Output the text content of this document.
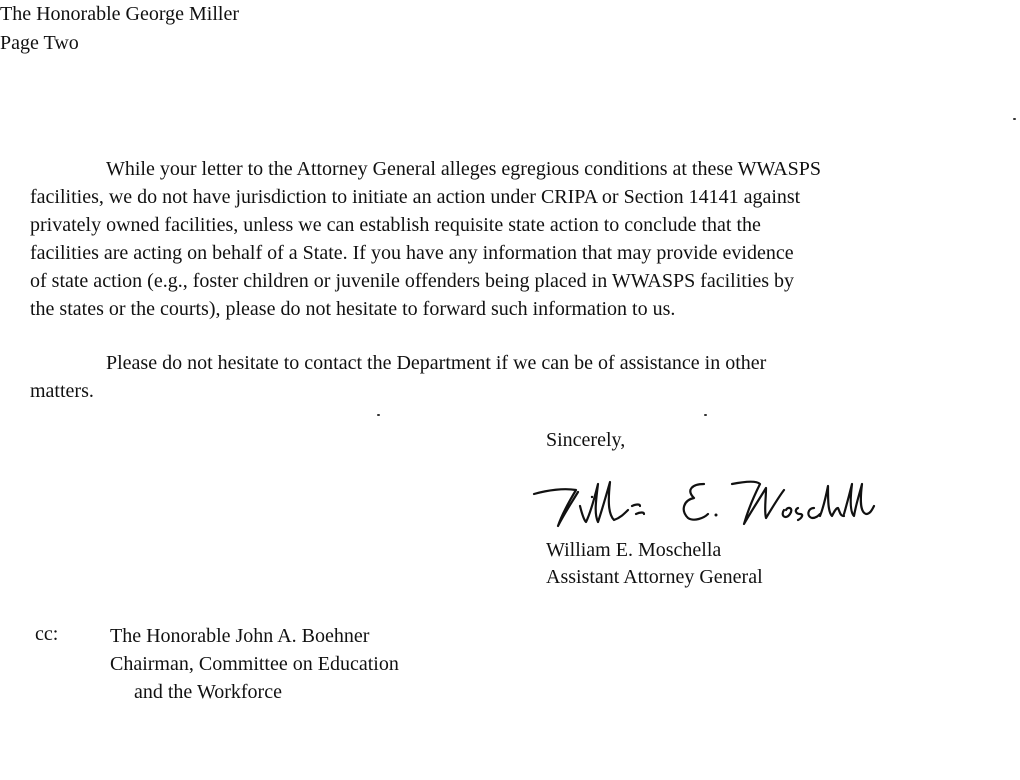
The Honorable George Miller
Page Two
While your letter to the Attorney General alleges egregious conditions at these WWASPS
facilities, we do not have jurisdiction to initiate an action under CRIPA or Section 14141 against
privately owned facilities, unless we can establish requisite state action to conclude that the
facilities are acting on behalf of a State. If you have any information that may provide evidence
of state action (e.g., foster children or juvenile offenders being placed in WWASPS facilities by
the states or the courts), please do not hesitate to forward such information to us.
Please do not hesitate to contact the Department if we can be of assistance in other
matters.
Sincerely,
William E. Moschella
Assistant Attorney General
cc:	The Honorable John A. Boehner
Chairman, Committee on Education
and the Workforce
